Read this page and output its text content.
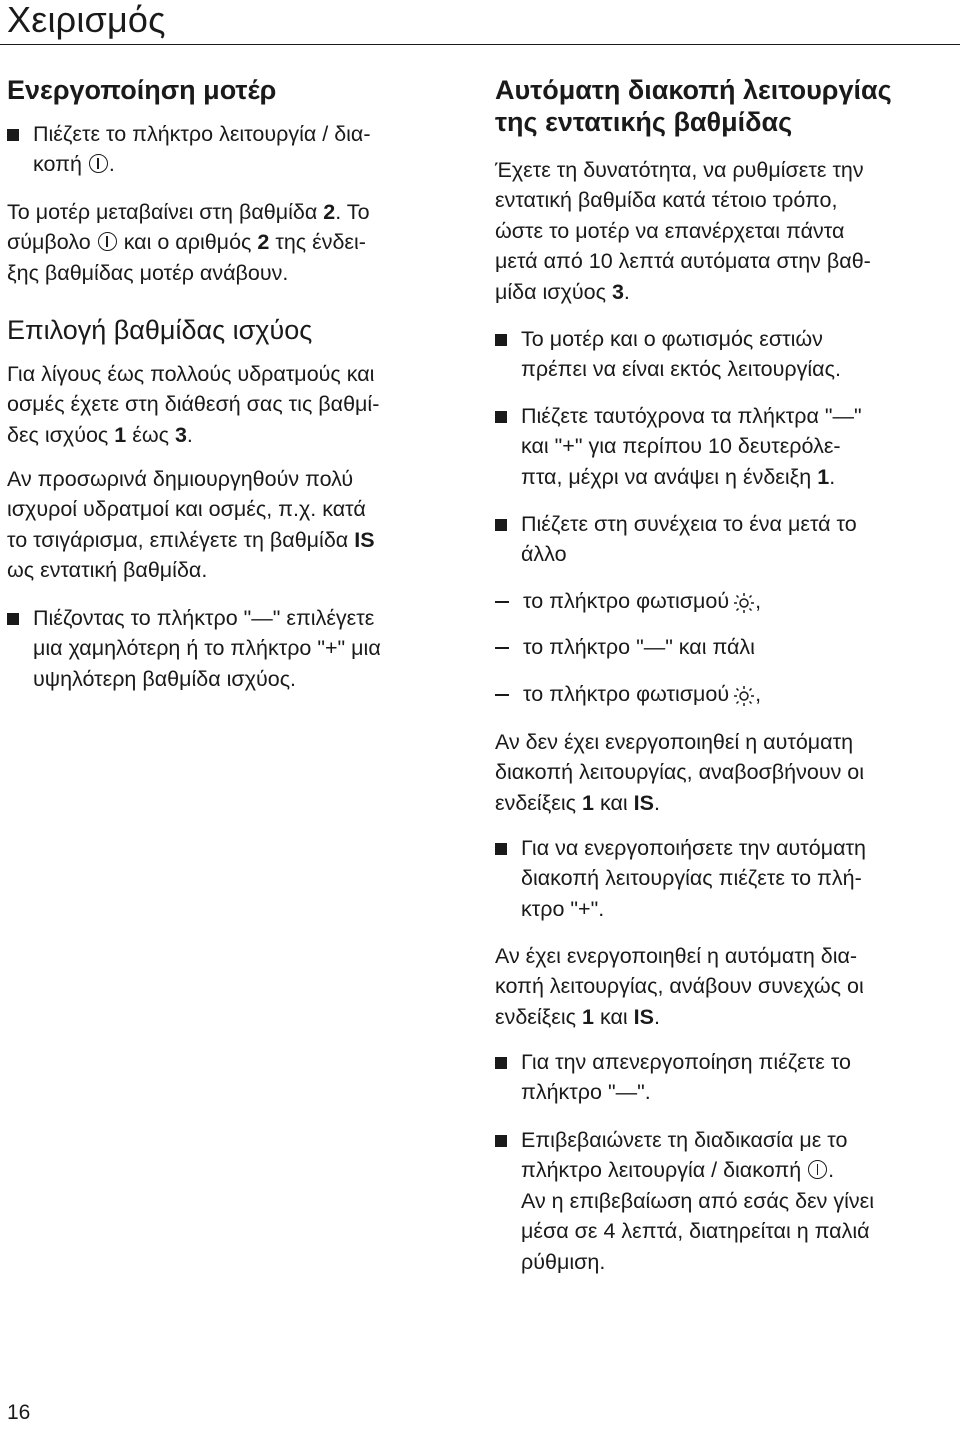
Χειρισμός
Ενεργοποίηση μοτέρ

Πιέζετε το πλήκτρο λειτουργία / δια-

κοπή .

Το μοτέρ μεταβαίνει στη βαθμίδα 2. Το

σύμβολο και ο αριθμός 2 της ένδει-

ξης βαθμίδας μοτέρ ανάβουν.

Επιλογή βαθμίδας ισχύος

Για λίγους έως πολλούς υδρατμούς και

οσμές έχετε στη διάθεσή σας τις βαθμί-

δες ισχύος 1 έως 3.

Αν προσωρινά δημιουργηθούν πολύ

ισχυροί υδρατμοί και οσμές, π.χ. κατά

το τσιγάρισμα, επιλέγετε τη βαθμίδα IS

ως εντατική βαθμίδα.

Πιέζοντας το πλήκτρο "—" επιλέγετε

μια χαμηλότερη ή το πλήκτρο "+" μια

υψηλότερη βαθμίδα ισχύος.

Αυτόματη διακοπή λειτουργίας
της εντατικής βαθμίδας

Έχετε τη δυνατότητα, να ρυθμίσετε την

εντατική βαθμίδα κατά τέτοιο τρόπο,

ώστε το μοτέρ να επανέρχεται πάντα

μετά από 10 λεπτά αυτόματα στην βαθ-

μίδα ισχύος 3.

Το μοτέρ και ο φωτισμός εστιών

πρέπει να είναι εκτός λειτουργίας.

Πιέζετε ταυτόχρονα τα πλήκτρα "—"

και "+" για περίπου 10 δευτερόλε-

πτα, μέχρι να ανάψει η ένδειξη 1.

Πιέζετε στη συνέχεια το ένα μετά το

άλλο

το πλήκτρο φωτισμού ,

το πλήκτρο "—" και πάλι

το πλήκτρο φωτισμού ,

Αν δεν έχει ενεργοποιηθεί η αυτόματη

διακοπή λειτουργίας, αναβοσβήνουν οι

ενδείξεις 1 και IS.

Για να ενεργοποιήσετε την αυτόματη

διακοπή λειτουργίας πιέζετε το πλή-

κτρο "+".

Αν έχει ενεργοποιηθεί η αυτόματη δια-

κοπή λειτουργίας, ανάβουν συνεχώς οι

ενδείξεις 1 και IS.

Για την απενεργοποίηση πιέζετε το

πλήκτρο "—".

Επιβεβαιώνετε τη διαδικασία με το

πλήκτρο λειτουργία / διακοπή .

Αν η επιβεβαίωση από εσάς δεν γίνει

μέσα σε 4 λεπτά, διατηρείται η παλιά

ρύθμιση.

16
